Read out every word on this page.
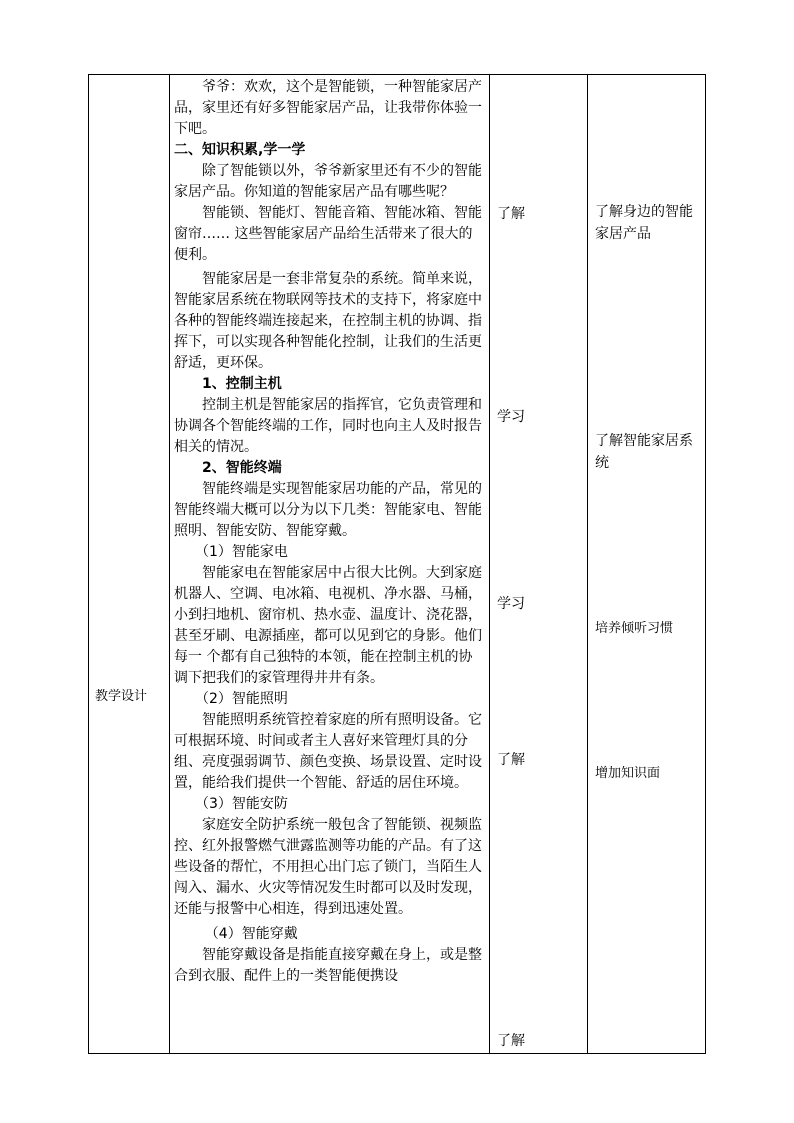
教学设计

爷爷：欢欢，这个是智能锁，一种智能家居产品，家里还有好多智能家居产品，让我带你体验一下吧。

二、知识积累,学一学

除了智能锁以外，爷爷新家里还有不少的智能家居产品。你知道的智能家居产品有哪些呢？

智能锁、智能灯、智能音箱、智能冰箱、智能窗帘…… 这些智能家居产品给生活带来了很大的便利。

智能家居是一套非常复杂的系统。简单来说，智能家居系统在物联网等技术的支持下，将家庭中各种的智能终端连接起来，在控制主机的协调、指挥下，可以实现各种智能化控制，让我们的生活更舒适，更环保。

1、控制主机

控制主机是智能家居的指挥官，它负责管理和协调各个智能终端的工作，同时也向主人及时报告相关的情况。

2、智能终端

智能终端是实现智能家居功能的产品，常见的智能终端大概可以分为以下几类：智能家电、智能照明、智能安防、智能穿戴。

（1）智能家电

智能家电在智能家居中占很大比例。大到家庭机器人、空调、电冰箱、电视机、净水器、马桶，小到扫地机、窗帘机、热水壶、温度计、浇花器，甚至牙刷、电源插座，都可以见到它的身影。他们每一 个都有自己独特的本领，能在控制主机的协调下把我们的家管理得井井有条。

（2）智能照明

智能照明系统管控着家庭的所有照明设备。它可根据环境、时间或者主人喜好来管理灯具的分组、亮度强弱调节、颜色变换、场景设置、定时设置，能给我们提供一个智能、舒适的居住环境。

（3）智能安防

家庭安全防护系统一般包含了智能锁、视频监控、红外报警燃气泄露监测等功能的产品。有了这些设备的帮忙，不用担心出门忘了锁门，当陌生人闯入、漏水、火灾等情况发生时都可以及时发现，还能与报警中心相连，得到迅速处置。

（4）智能穿戴

智能穿戴设备是指能直接穿戴在身上，或是整合到衣服、配件上的一类智能便携设

了解
学习
学习
了解
了解
了解身边的智能家居产品
了解智能家居系统
培养倾听习惯
增加知识面
